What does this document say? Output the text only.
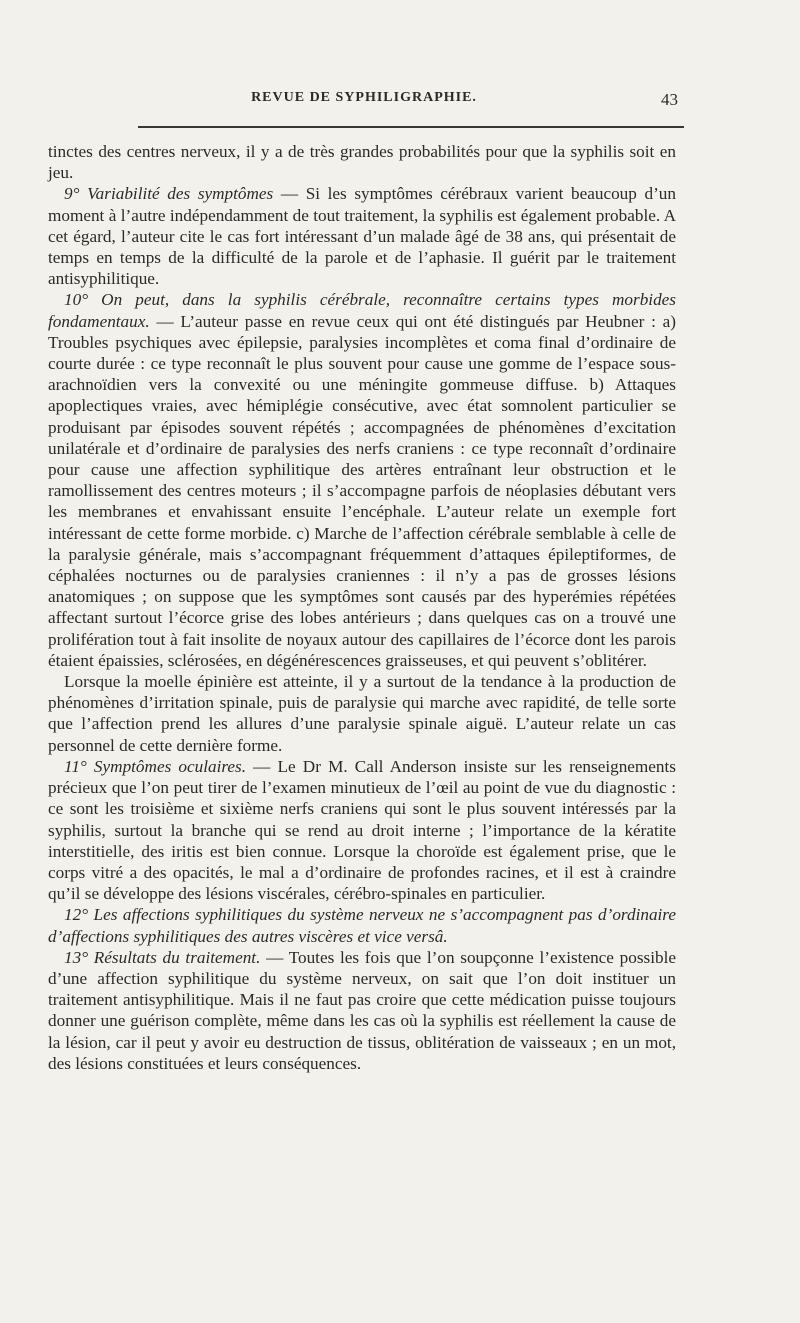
REVUE DE SYPHILIGRAPHIE.	43

tinctes des centres nerveux, il y a de très grandes probabilités pour que la syphilis soit en jeu.

9° Variabilité des symptômes — Si les symptômes cérébraux varient beaucoup d’un moment à l’autre indépendamment de tout traitement, la syphilis est également probable. A cet égard, l’auteur cite le cas fort intéressant d’un malade âgé de 38 ans, qui présentait de temps en temps de la difficulté de la parole et de l’aphasie. Il guérit par le traitement antisyphilitique.

10° On peut, dans la syphilis cérébrale, reconnaître certains types morbides fondamentaux. — L’auteur passe en revue ceux qui ont été distingués par Heubner : a) Troubles psychiques avec épilepsie, paralysies incomplètes et coma final d’ordinaire de courte durée : ce type reconnaît le plus souvent pour cause une gomme de l’espace sous-arachnoïdien vers la convexité ou une méningite gommeuse diffuse. b) Attaques apoplectiques vraies, avec hémiplégie consécutive, avec état somnolent particulier se produisant par épisodes souvent répétés ; accompagnées de phénomènes d’excitation unilatérale et d’ordinaire de paralysies des nerfs craniens : ce type reconnaît d’ordinaire pour cause une affection syphilitique des artères entraînant leur obstruction et le ramollissement des centres moteurs ; il s’accompagne parfois de néoplasies débutant vers les membranes et envahissant ensuite l’encéphale. L’auteur relate un exemple fort intéressant de cette forme morbide. c) Marche de l’affection cérébrale semblable à celle de la paralysie générale, mais s’accompagnant fréquemment d’attaques épileptiformes, de céphalées nocturnes ou de paralysies craniennes : il n’y a pas de grosses lésions anatomiques ; on suppose que les symptômes sont causés par des hyperémies répétées affectant surtout l’écorce grise des lobes antérieurs ; dans quelques cas on a trouvé une prolifération tout à fait insolite de noyaux autour des capillaires de l’écorce dont les parois étaient épaissies, sclérosées, en dégénérescences graisseuses, et qui peuvent s’oblitérer.

Lorsque la moelle épinière est atteinte, il y a surtout de la tendance à la production de phénomènes d’irritation spinale, puis de paralysie qui marche avec rapidité, de telle sorte que l’affection prend les allures d’une paralysie spinale aiguë. L’auteur relate un cas personnel de cette dernière forme.

11° Symptômes oculaires. — Le Dr M. Call Anderson insiste sur les renseignements précieux que l’on peut tirer de l’examen minutieux de l’œil au point de vue du diagnostic : ce sont les troisième et sixième nerfs craniens qui sont le plus souvent intéressés par la syphilis, surtout la branche qui se rend au droit interne ; l’importance de la kératite interstitielle, des iritis est bien connue. Lorsque la choroïde est également prise, que le corps vitré a des opacités, le mal a d’ordinaire de profondes racines, et il est à craindre qu’il se développe des lésions viscérales, cérébro-spinales en particulier.

12° Les affections syphilitiques du système nerveux ne s’accompagnent pas d’ordinaire d’affections syphilitiques des autres viscères et vice versâ.

13° Résultats du traitement. — Toutes les fois que l’on soupçonne l’existence possible d’une affection syphilitique du système nerveux, on sait que l’on doit instituer un traitement antisyphilitique. Mais il ne faut pas croire que cette médication puisse toujours donner une guérison complète, même dans les cas où la syphilis est réellement la cause de la lésion, car il peut y avoir eu destruction de tissus, oblitération de vaisseaux ; en un mot, des lésions constituées et leurs conséquences.
